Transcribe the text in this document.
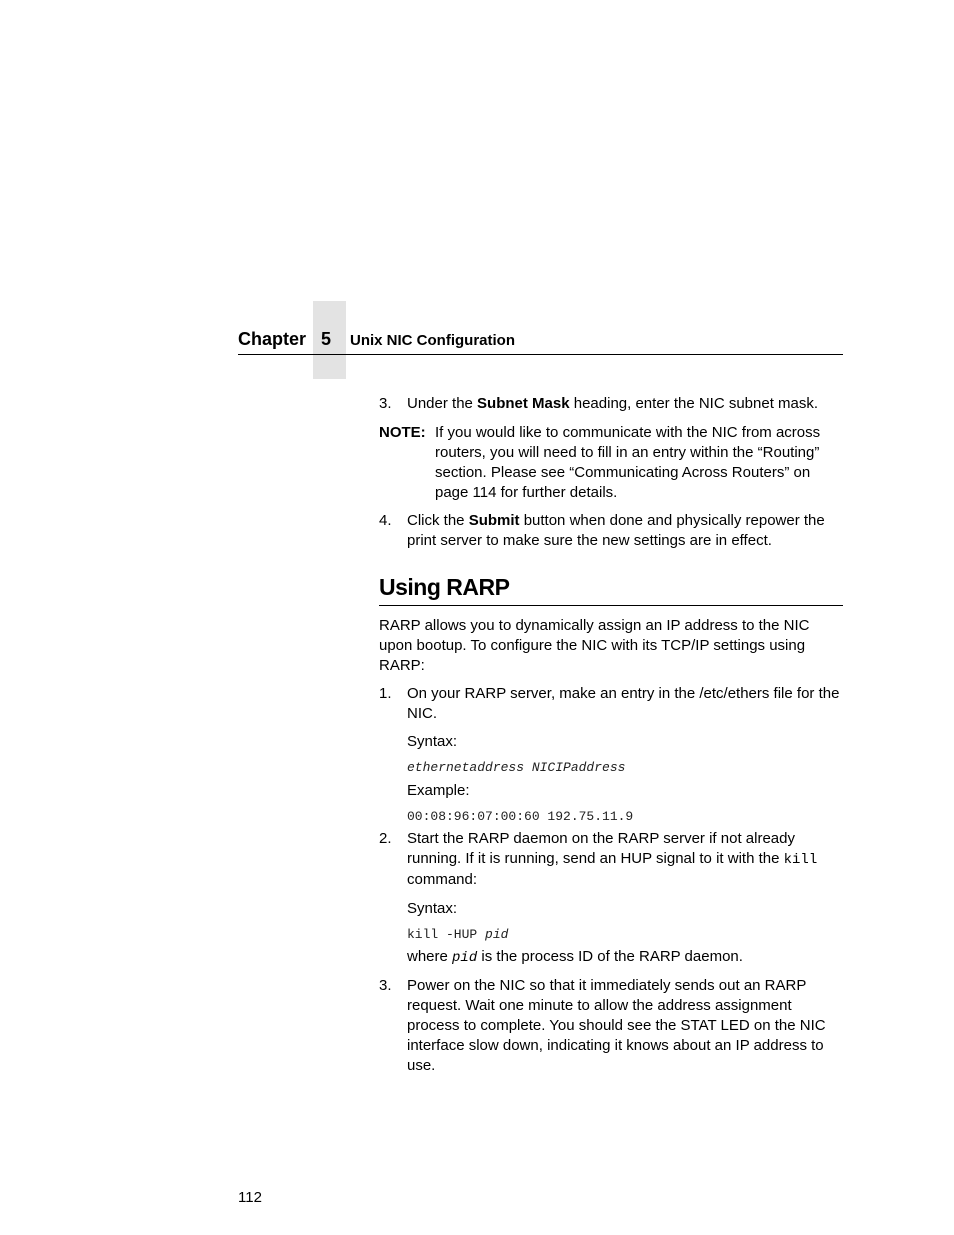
Chapter 5 Unix NIC Configuration
3. Under the Subnet Mask heading, enter the NIC subnet mask.
NOTE: If you would like to communicate with the NIC from across routers, you will need to fill in an entry within the “Routing” section. Please see “Communicating Across Routers” on page 114 for further details.
4. Click the Submit button when done and physically repower the print server to make sure the new settings are in effect.
Using RARP
RARP allows you to dynamically assign an IP address to the NIC upon bootup. To configure the NIC with its TCP/IP settings using RARP:
1. On your RARP server, make an entry in the /etc/ethers file for the NIC.
Syntax:
ethernetaddress NICIPaddress
Example:
00:08:96:07:00:60 192.75.11.9
2. Start the RARP daemon on the RARP server if not already running. If it is running, send an HUP signal to it with the kill command:
Syntax:
kill -HUP pid
where pid is the process ID of the RARP daemon.
3. Power on the NIC so that it immediately sends out an RARP request. Wait one minute to allow the address assignment process to complete. You should see the STAT LED on the NIC interface slow down, indicating it knows about an IP address to use.
112
